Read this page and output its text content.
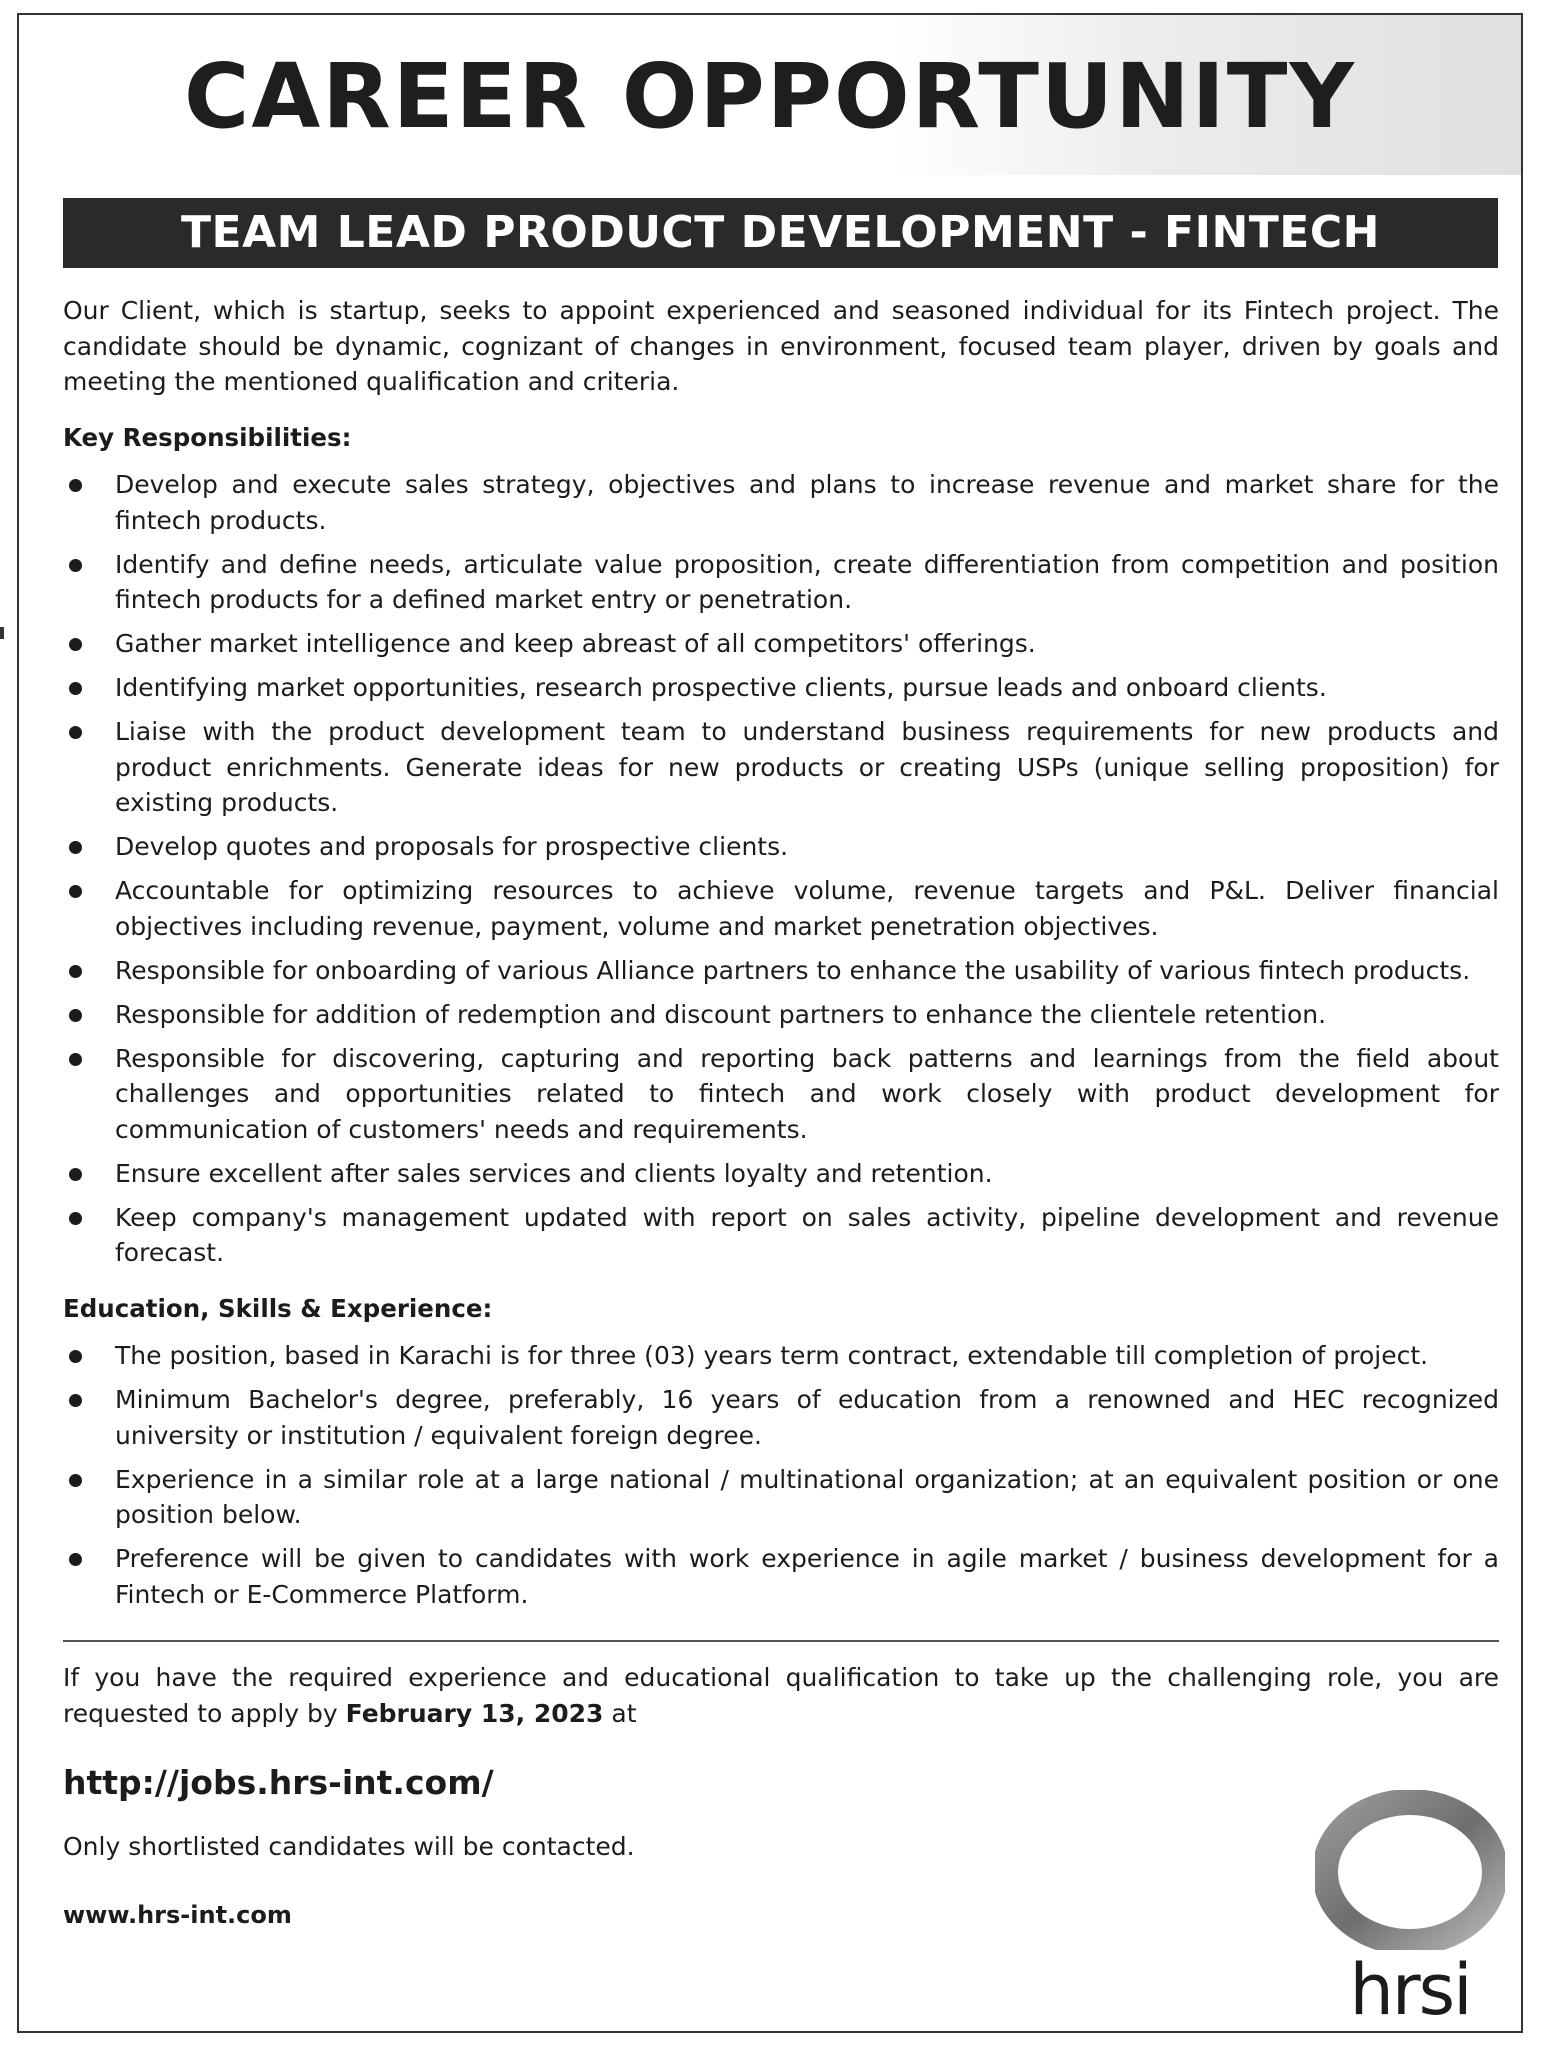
CAREER OPPORTUNITY
TEAM LEAD PRODUCT DEVELOPMENT - FINTECH

Our Client, which is startup, seeks to appoint experienced and seasoned individual for its Fintech project. The candidate should be dynamic, cognizant of changes in environment, focused team player, driven by goals and meeting the mentioned qualification and criteria.

Key Responsibilities:
Develop and execute sales strategy, objectives and plans to increase revenue and market share for the fintech products.
Identify and define needs, articulate value proposition, create differentiation from competition and position fintech products for a defined market entry or penetration.
Gather market intelligence and keep abreast of all competitors' offerings.
Identifying market opportunities, research prospective clients, pursue leads and onboard clients.
Liaise with the product development team to understand business requirements for new products and product enrichments. Generate ideas for new products or creating USPs (unique selling proposition) for existing products.
Develop quotes and proposals for prospective clients.
Accountable for optimizing resources to achieve volume, revenue targets and P&L. Deliver financial objectives including revenue, payment, volume and market penetration objectives.
Responsible for onboarding of various Alliance partners to enhance the usability of various fintech products.
Responsible for addition of redemption and discount partners to enhance the clientele retention.
Responsible for discovering, capturing and reporting back patterns and learnings from the field about challenges and opportunities related to fintech and work closely with product development for communication of customers' needs and requirements.
Ensure excellent after sales services and clients loyalty and retention.
Keep company's management updated with report on sales activity, pipeline development and revenue forecast.
Education, Skills & Experience:
The position, based in Karachi is for three (03) years term contract, extendable till completion of project.
Minimum Bachelor's degree, preferably, 16 years of education from a renowned and HEC recognized university or institution / equivalent foreign degree.
Experience in a similar role at a large national / multinational organization; at an equivalent position or one position below.
Preference will be given to candidates with work experience in agile market / business development for a Fintech or E-Commerce Platform.

If you have the required experience and educational qualification to take up the challenging role, you are requested to apply by February 13, 2023 at

http://jobs.hrs-int.com/
Only shortlisted candidates will be contacted.
www.hrs-int.com
hrsi
